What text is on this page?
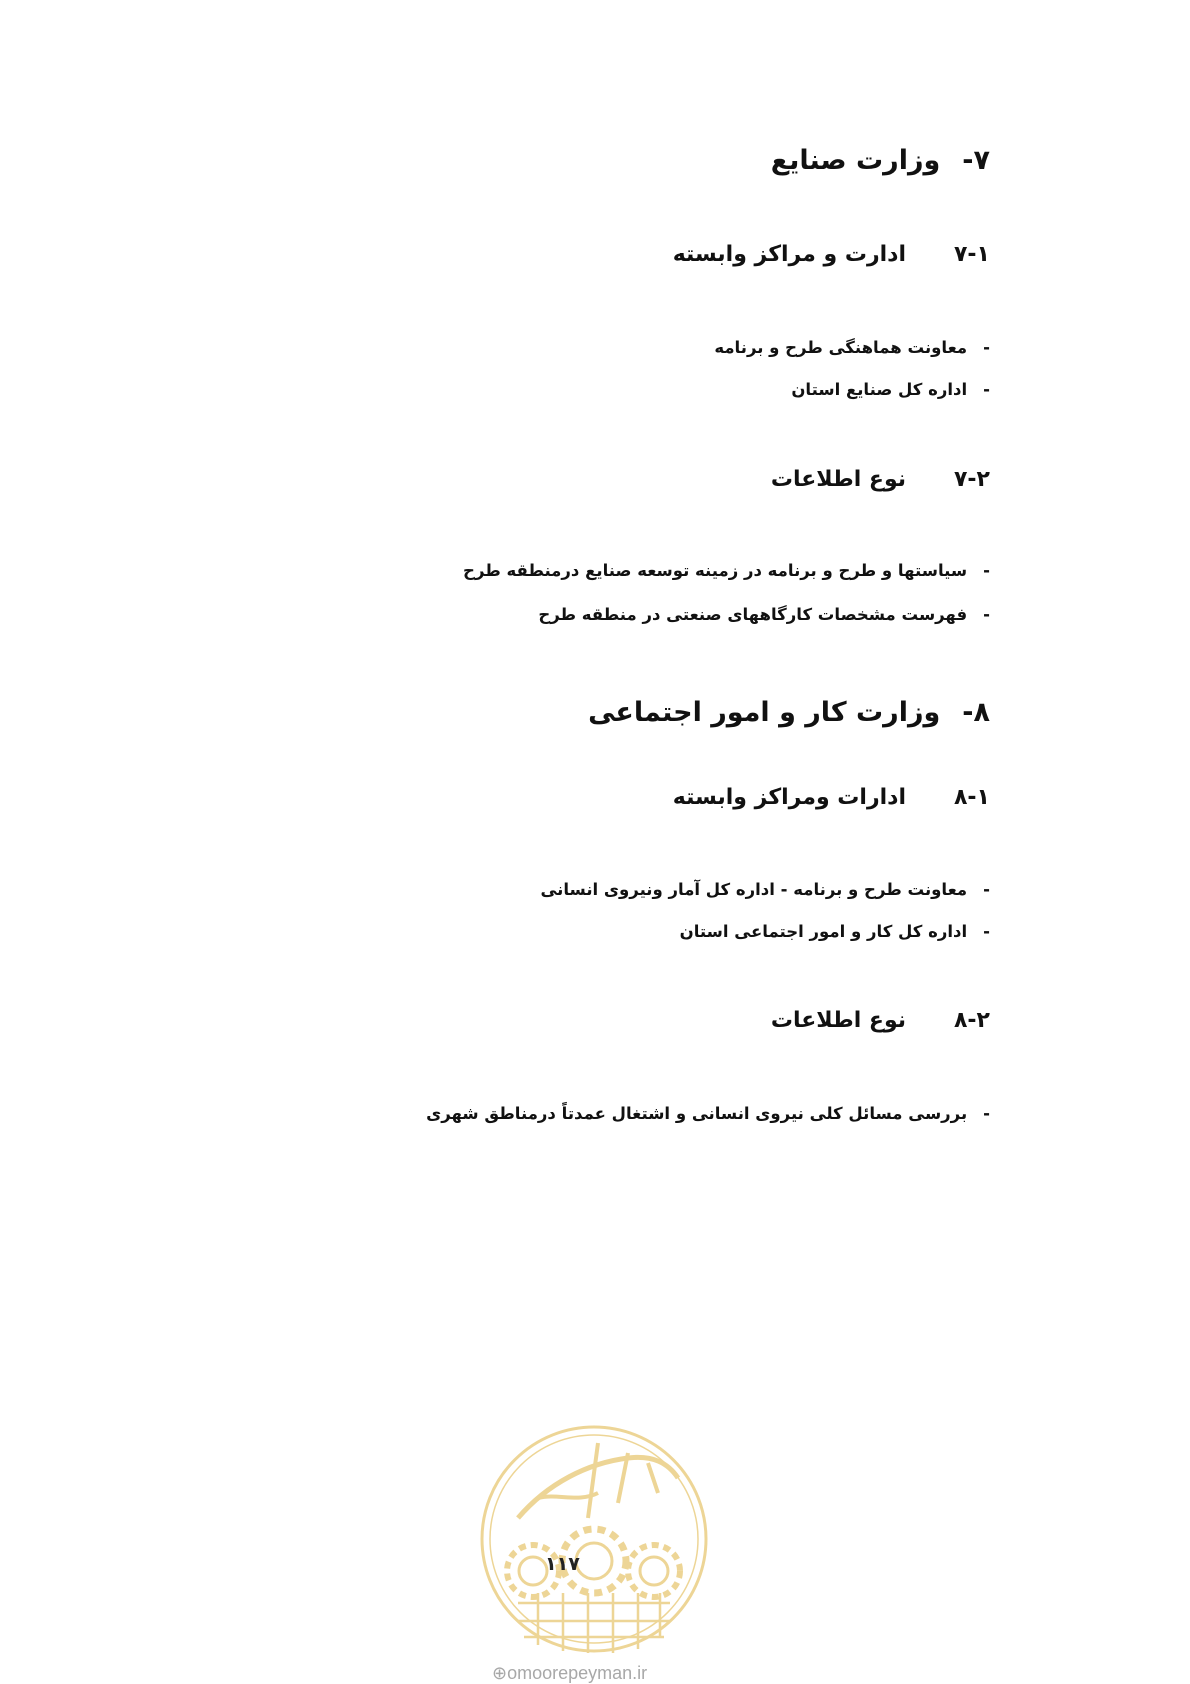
۷-وزارت صنایع
۷-۱ادارت و مراکز وابسته
-معاونت هماهنگی طرح و برنامه
-اداره کل صنایع استان
۷-۲نوع اطلاعات
-سیاستها و طرح و برنامه در زمینه توسعه صنایع درمنطقه طرح
-فهرست مشخصات کارگاههای صنعتی در منطقه طرح
۸-وزارت کار و امور اجتماعی
۸-۱ادارات ومراکز وابسته
-معاونت طرح و برنامه - اداره کل آمار ونیروی انسانی
-اداره کل کار و امور اجتماعی استان
۸-۲نوع اطلاعات
-بررسی مسائل کلی نیروی انسانی و اشتغال عمدتاً درمناطق شهری
۱۱۷
⊕omoorepeyman.ir
